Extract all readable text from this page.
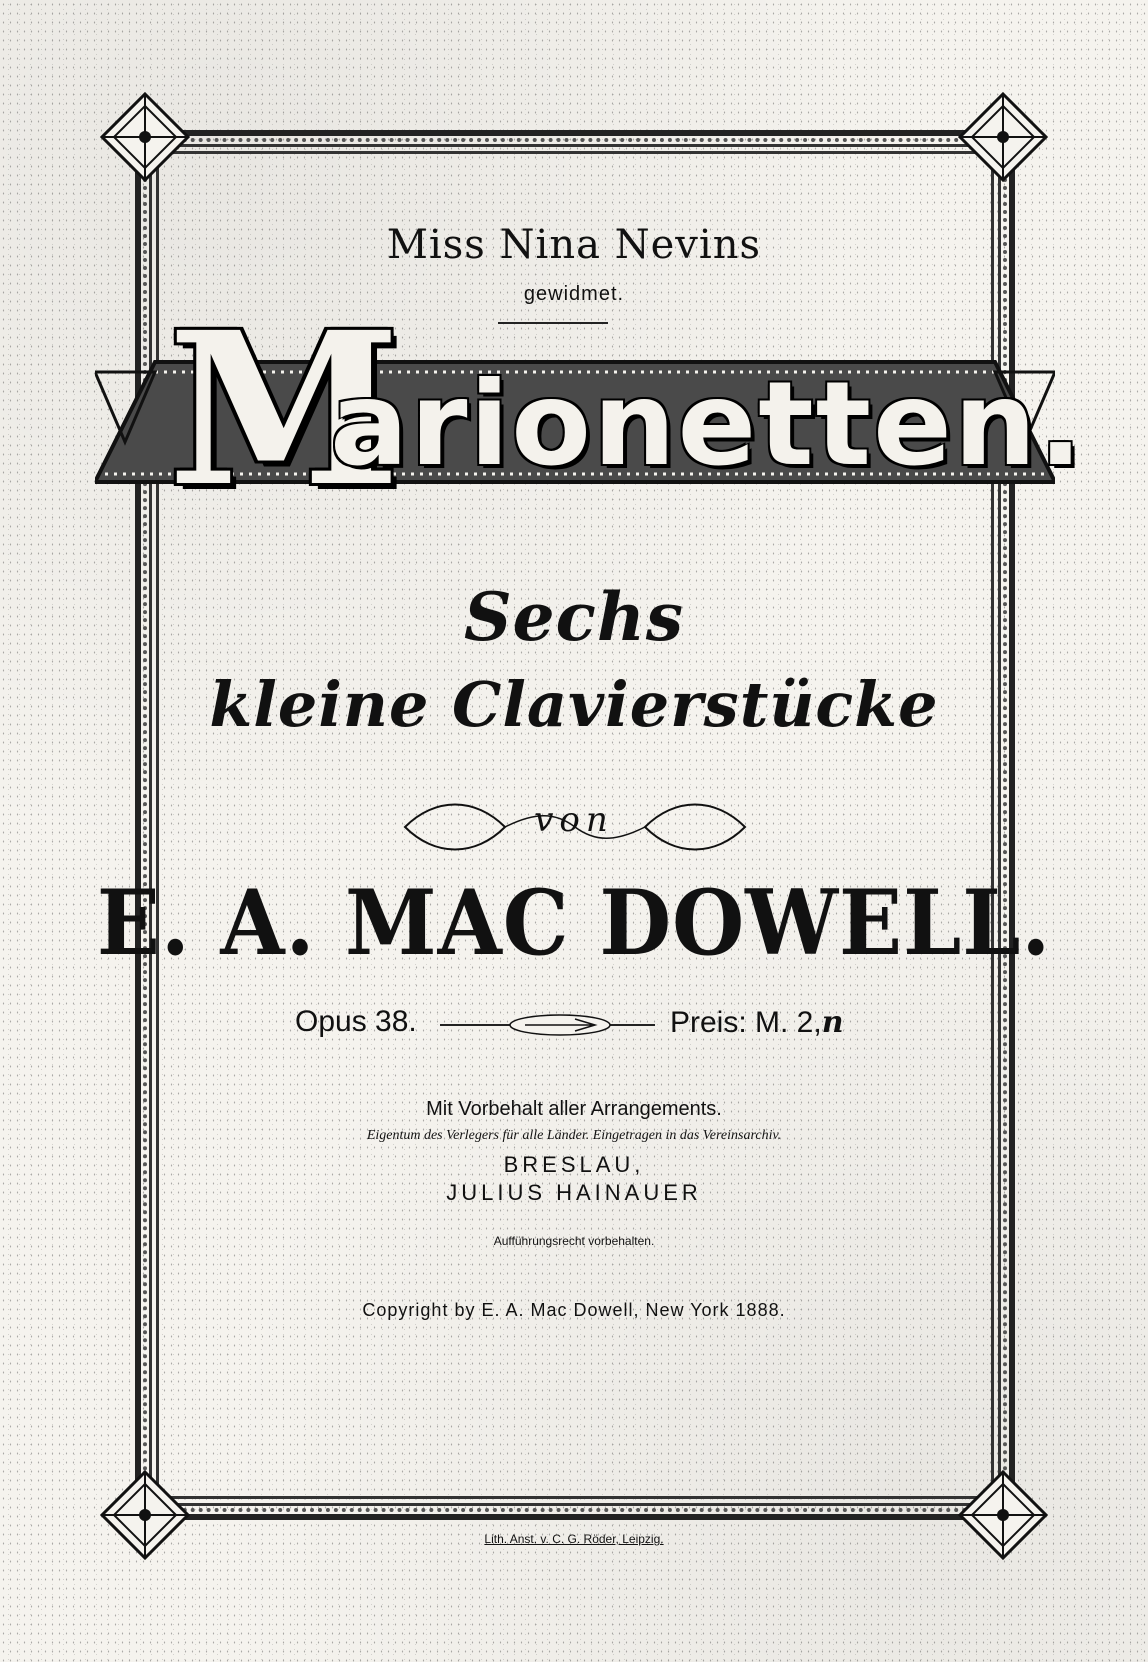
Miss Nina Nevins
gewidmet.
M
arionetten.
Sechs
kleine Clavierstücke
von
E. A. MAC DOWELL.
Opus 38.	Preis: M. 2,n
Mit Vorbehalt aller Arrangements.
Eigentum des Verlegers für alle Länder. Eingetragen in das Vereinsarchiv.
BRESLAU,
JULIUS HAINAUER
Aufführungsrecht vorbehalten.
Copyright by E. A. Mac Dowell, New York 1888.
Lith. Anst. v. C. G. Röder, Leipzig.
